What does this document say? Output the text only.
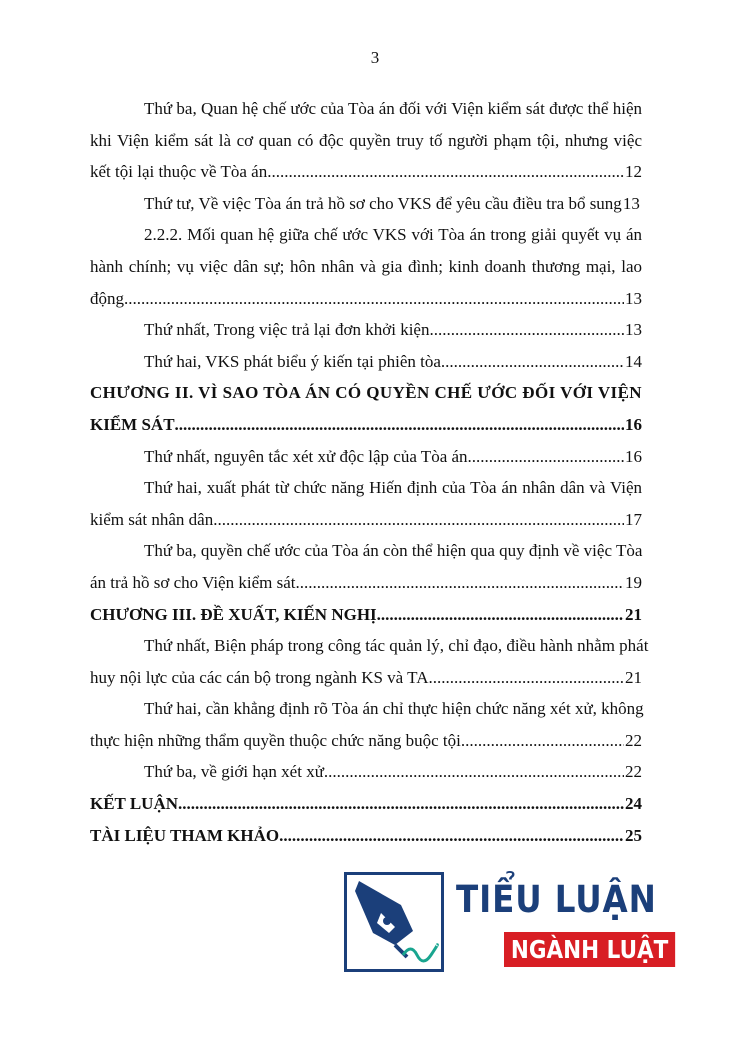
3
Thứ ba, Quan hệ chế ước của Tòa án đối với Viện kiểm sát được thể hiện
khi Viện kiểm sát là cơ quan có độc quyền truy tố người phạm tội, nhưng việc
kết tội lại thuộc về Tòa án .....	12
Thứ tư, Về việc Tòa án trả hồ sơ cho VKS để yêu cầu điều tra bổ sung 13
2.2.2. Mối quan hệ giữa chế ước VKS với Tòa án trong giải quyết vụ án
hành chính; vụ việc dân sự; hôn nhân và gia đình; kinh doanh thương mại, lao
động .....	13
Thứ nhất, Trong việc trả lại đơn khởi kiện .....	13
Thứ hai, VKS phát biểu ý kiến tại phiên tòa .....	14
CHƯƠNG II. VÌ SAO TÒA ÁN CÓ QUYỀN CHẾ ƯỚC ĐỐI VỚI VIỆN
KIỂM SÁT .....	16
Thứ nhất, nguyên tắc xét xử độc lập của Tòa án .....	16
Thứ hai, xuất phát từ chức năng Hiến định của Tòa án nhân dân và Viện
kiểm sát nhân dân .....	17
Thứ ba, quyền chế ước của Tòa án còn thể hiện qua quy định về việc Tòa
án trả hồ sơ cho Viện kiểm sát .....	19
CHƯƠNG III. ĐỀ XUẤT, KIẾN NGHỊ .....	21
Thứ nhất, Biện pháp trong công tác quản lý, chỉ đạo, điều hành nhằm phát
huy nội lực của các cán bộ trong ngành KS và TA .....	21
Thứ hai, cần khẳng định rõ Tòa án chỉ thực hiện chức năng xét xử, không
thực hiện những thẩm quyền thuộc chức năng buộc tội .....	22
Thứ ba, về giới hạn xét xử .....	22
KẾT LUẬN .....	24
TÀI LIỆU THAM KHẢO .....	25
TIỂU LUẬN
NGÀNH LUẬT
